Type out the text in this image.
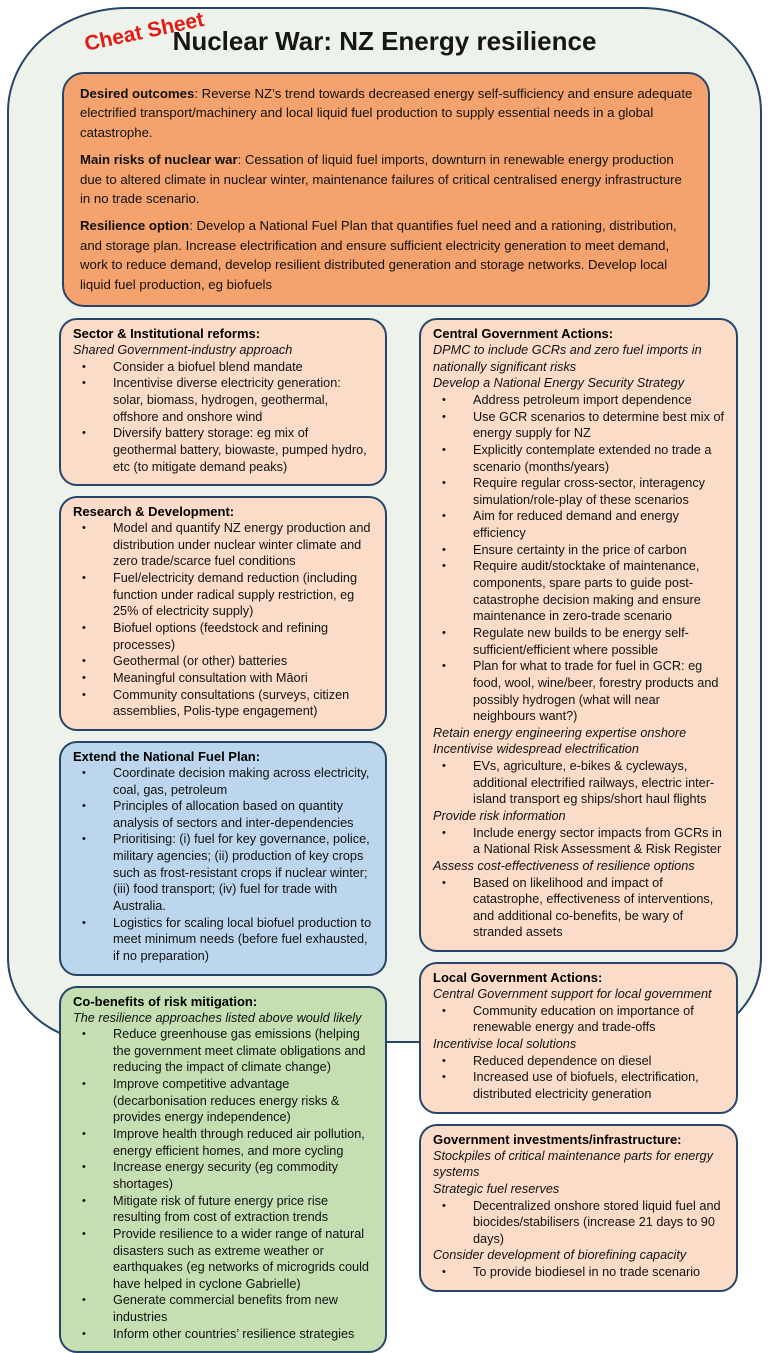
Cheat Sheet
Nuclear War: NZ Energy resilience

Desired outcomes: Reverse NZ’s trend towards decreased energy self-sufficiency and ensure adequate electrified transport/machinery and local liquid fuel production to supply essential needs in a global catastrophe.

Main risks of nuclear war: Cessation of liquid fuel imports, downturn in renewable energy production due to altered climate in nuclear winter, maintenance failures of critical centralised energy infrastructure in no trade scenario.

Resilience option: Develop a National Fuel Plan that quantifies fuel need and a rationing, distribution, and storage plan. Increase electrification and ensure sufficient electricity generation to meet demand, work to reduce demand, develop resilient distributed generation and storage networks. Develop local liquid fuel production, eg biofuels

Sector & Institutional reforms:
Shared Government-industry approach
•	Consider a biofuel blend mandate
•	Incentivise diverse electricity generation: solar, biomass, hydrogen, geothermal, offshore and onshore wind
•	Diversify battery storage: eg mix of geothermal battery, biowaste, pumped hydro, etc (to mitigate demand peaks)
Research & Development:
•	Model and quantify NZ energy production and distribution under nuclear winter climate and zero trade/scarce fuel conditions
•	Fuel/electricity demand reduction (including function under radical supply restriction, eg 25% of electricity supply)
•	Biofuel options (feedstock and refining processes)
•	Geothermal (or other) batteries
•	Meaningful consultation with Māori
•	Community consultations (surveys, citizen assemblies, Polis-type engagement)
Extend the National Fuel Plan:
•	Coordinate decision making across electricity, coal, gas, petroleum
•	Principles of allocation based on quantity analysis of sectors and inter-dependencies
•	Prioritising: (i) fuel for key governance, police, military agencies; (ii) production of key crops such as frost-resistant crops if nuclear winter; (iii) food transport; (iv) fuel for trade with Australia.
•	Logistics for scaling local biofuel production to meet minimum needs (before fuel exhausted, if no preparation)
Co-benefits of risk mitigation:
The resilience approaches listed above would likely
•	Reduce greenhouse gas emissions (helping the government meet climate obligations and reducing the impact of climate change)
•	Improve competitive advantage (decarbonisation reduces energy risks & provides energy independence)
•	Improve health through reduced air pollution, energy efficient homes, and more cycling
•	Increase energy security (eg commodity shortages)
•	Mitigate risk of future energy price rise resulting from cost of extraction trends
•	Provide resilience to a wider range of natural disasters such as extreme weather or earthquakes (eg networks of microgrids could have helped in cyclone Gabrielle)
•	Generate commercial benefits from new industries
•	Inform other countries’ resilience strategies
Central Government Actions:
DPMC to include GCRs and zero fuel imports in nationally significant risks
Develop a National Energy Security Strategy
•	Address petroleum import dependence
•	Use GCR scenarios to determine best mix of energy supply for NZ
•	Explicitly contemplate extended no trade a scenario (months/years)
•	Require regular cross-sector, interagency simulation/role-play of these scenarios
•	Aim for reduced demand and energy efficiency
•	Ensure certainty in the price of carbon
•	Require audit/stocktake of maintenance, components, spare parts to guide post-catastrophe decision making and ensure maintenance in zero-trade scenario
•	Regulate new builds to be energy self-sufficient/efficient where possible
•	Plan for what to trade for fuel in GCR: eg food, wool, wine/beer, forestry products and possibly hydrogen (what will near neighbours want?)
Retain energy engineering expertise onshore
Incentivise widespread electrification
•	EVs, agriculture, e-bikes & cycleways, additional electrified railways, electric inter-island transport eg ships/short haul flights
Provide risk information
•	Include energy sector impacts from GCRs in a National Risk Assessment & Risk Register
Assess cost-effectiveness of resilience options
•	Based on likelihood and impact of catastrophe, effectiveness of interventions, and additional co-benefits, be wary of stranded assets
Local Government Actions:
Central Government support for local government
•	Community education on importance of renewable energy and trade-offs
Incentivise local solutions
•	Reduced dependence on diesel
•	Increased use of biofuels, electrification, distributed electricity generation
Government investments/infrastructure:
Stockpiles of critical maintenance parts for energy systems
Strategic fuel reserves
•	Decentralized onshore stored liquid fuel and biocides/stabilisers (increase 21 days to 90 days)
Consider development of biorefining capacity
•	To provide biodiesel in no trade scenario
